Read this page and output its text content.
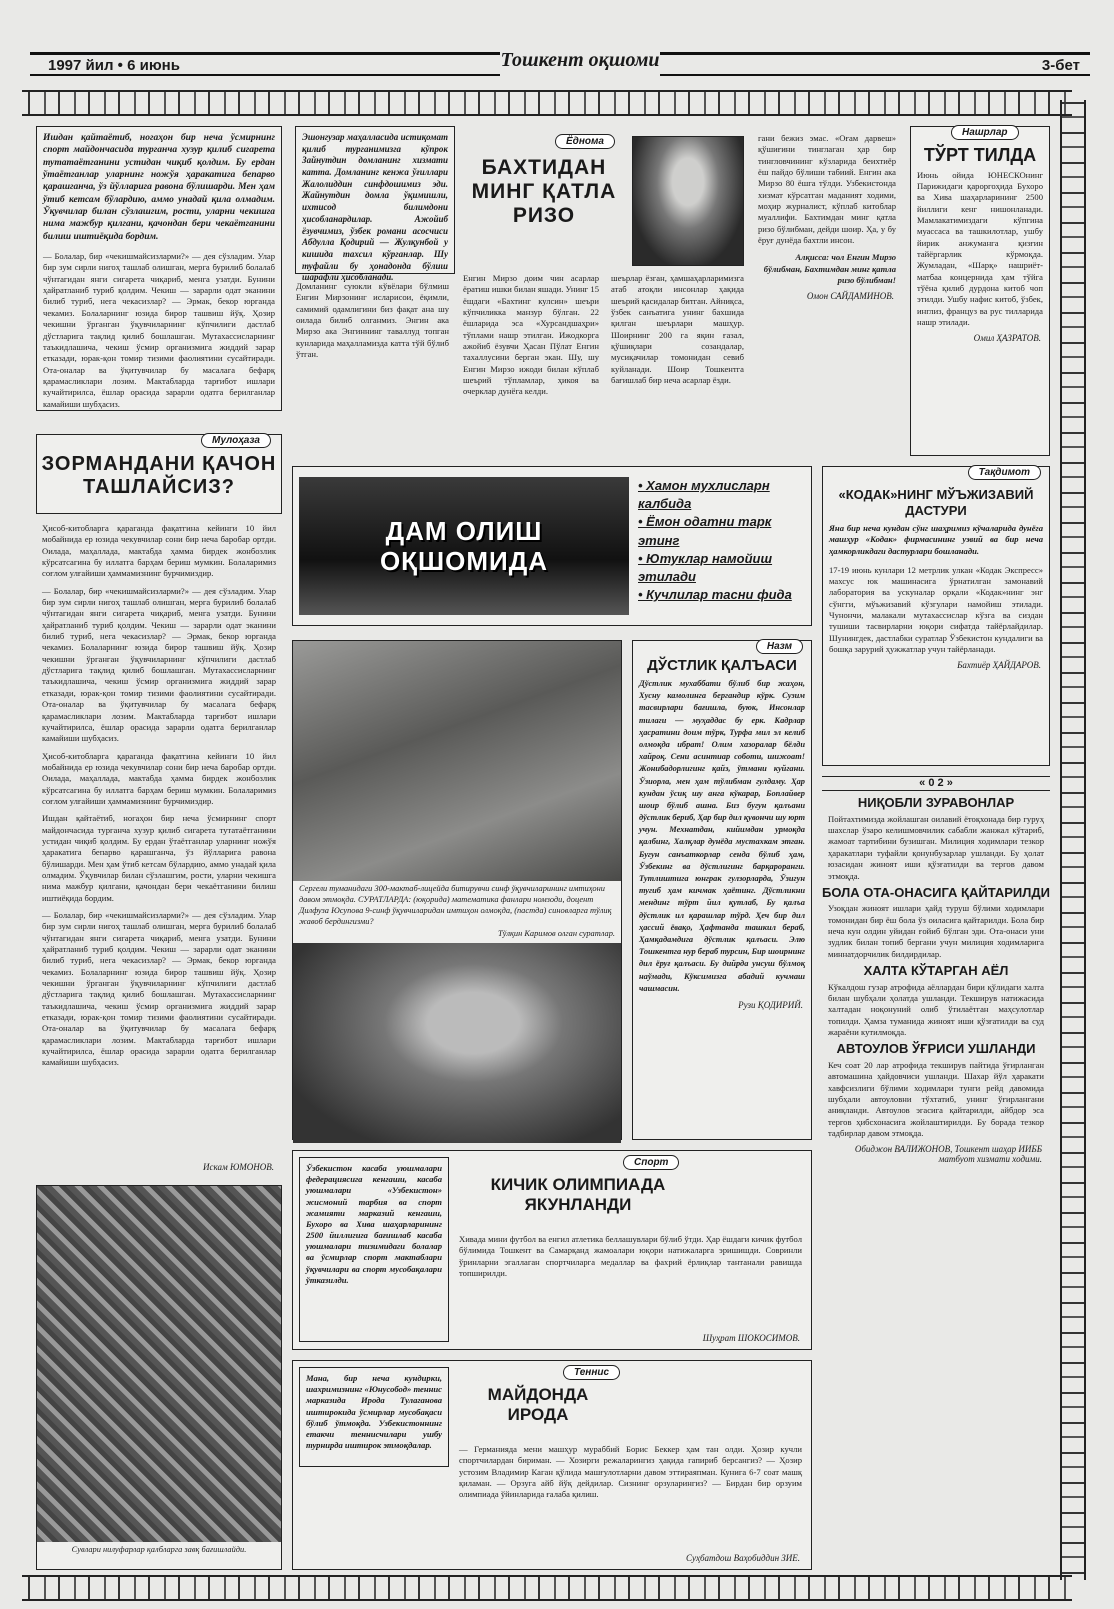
1997 йил • 6 июнь	Тошкент оқшоми	3-бет
Ишдан қайтаётиб, ногаҳон бир неча ўсмирнинг спорт майдончасида турганча хузур қилиб сигарета тутатаётганини устидан чиқиб қолдим. Бу ердан ўтаётганлар уларнинг ножўя ҳаракатига бепарво қарашганча, ўз йўлларига равона бўлишарди. Мен ҳам ўтиб кетсам бўлардию, аммо унадай қила олмадим. Ўқувчилар билан сўзлашгим, рости, уларни чекишга нима мажбур қилгани, қачондан бери чекаётганини билиш иштиёқида бордим.
— Болалар, бир «чекишмайсизларми?» — дея сўзладим. Улар бир зум сирли нигоҳ ташлаб олишган, мерга бурилиб болалаб чўнтагидан янги сигарета чиқариб, менга узатди. Бунини ҳайратланиб туриб қолдим. Чекиш — зарарли одат эканини билиб туриб, нега чекасизлар? — Эрмак, бекор юрганда чекамиз. Болаларнинг юзида бирор ташвиш йўқ. Ҳозир чекишни ўрганган ўқувчиларнинг кўпчилиги дастлаб дўстларига тақлид қилиб бошлашган. Мутахассисларнинг таъкидлашича, чекиш ўсмир организмига жиддий зарар етказади, юрак-қон томир тизими фаолиятини сусайтиради. Ота-оналар ва ўқитувчилар бу масалага бефарқ қарамасликлари лозим. Мактабларда тарғибот ишлари кучайтирилса, ёшлар орасида зарарли одатга берилганлар камайиши шубҳасиз.
Мулоҳаза
ЗОРМАНДАНИ ҚАЧОН ТАШЛАЙСИЗ?
Ҳисоб-китобларга қараганда фақатгина кейинги 10 йил мобайнида ер юзида чекувчилар сони бир неча баробар ортди. Оилада, маҳаллада, мактабда ҳамма бирдек жонбозлик кўрсатсагина бу иллатга барҳам бериш мумкин. Болаларимиз соғлом улғайиши ҳаммамизнинг бурчимиздир.
— Болалар, бир «чекишмайсизларми?» — дея сўзладим. Улар бир зум сирли нигоҳ ташлаб олишган, мерга бурилиб болалаб чўнтагидан янги сигарета чиқариб, менга узатди. Бунини ҳайратланиб туриб қолдим. Чекиш — зарарли одат эканини билиб туриб, нега чекасизлар? — Эрмак, бекор юрганда чекамиз. Болаларнинг юзида бирор ташвиш йўқ. Ҳозир чекишни ўрганган ўқувчиларнинг кўпчилиги дастлаб дўстларига тақлид қилиб бошлашган. Мутахассисларнинг таъкидлашича, чекиш ўсмир организмига жиддий зарар етказади, юрак-қон томир тизими фаолиятини сусайтиради. Ота-оналар ва ўқитувчилар бу масалага бефарқ қарамасликлари лозим. Мактабларда тарғибот ишлари кучайтирилса, ёшлар орасида зарарли одатга берилганлар камайиши шубҳасиз.
Ҳисоб-китобларга қараганда фақатгина кейинги 10 йил мобайнида ер юзида чекувчилар сони бир неча баробар ортди. Оилада, маҳаллада, мактабда ҳамма бирдек жонбозлик кўрсатсагина бу иллатга барҳам бериш мумкин. Болаларимиз соғлом улғайиши ҳаммамизнинг бурчимиздир.
Ишдан қайтаётиб, ногаҳон бир неча ўсмирнинг спорт майдончасида турганча хузур қилиб сигарета тутатаётганини устидан чиқиб қолдим. Бу ердан ўтаётганлар уларнинг ножўя ҳаракатига бепарво қарашганча, ўз йўлларига равона бўлишарди. Мен ҳам ўтиб кетсам бўлардию, аммо унадай қила олмадим. Ўқувчилар билан сўзлашгим, рости, уларни чекишга нима мажбур қилгани, қачондан бери чекаётганини билиш иштиёқида бордим.
— Болалар, бир «чекишмайсизларми?» — дея сўзладим. Улар бир зум сирли нигоҳ ташлаб олишган, мерга бурилиб болалаб чўнтагидан янги сигарета чиқариб, менга узатди. Бунини ҳайратланиб туриб қолдим. Чекиш — зарарли одат эканини билиб туриб, нега чекасизлар? — Эрмак, бекор юрганда чекамиз. Болаларнинг юзида бирор ташвиш йўқ. Ҳозир чекишни ўрганган ўқувчиларнинг кўпчилиги дастлаб дўстларига тақлид қилиб бошлашган. Мутахассисларнинг таъкидлашича, чекиш ўсмир организмига жиддий зарар етказади, юрак-қон томир тизими фаолиятини сусайтиради. Ота-оналар ва ўқитувчилар бу масалага бефарқ қарамасликлари лозим. Мактабларда тарғибот ишлари кучайтирилса, ёшлар орасида зарарли одатга берилганлар камайиши шубҳасиз.
Искам ЮМОНОВ.
Сувлари нилуфарлар қалбларга завқ бағишлайди.
Эшонгузар маҳалласида истиқомат қилиб турганимизга кўпрок Зайнутдин домланинг хизмати катта. Домланинг кенжа ўғиллари Жалолиддин синфдошимиз эди. Жайнутдин домла ўқимишли, ихтисод билимдони ҳисобланардилар. Ажойиб ёзувчимиз, ўзбек романи асосчиси Абдулла Қодирий — Жулқунбой у кишида тахсил кўрганлар. Шу туфайли бу ҳонадонда бўлиш шарафли ҳисобланади.
Домланинг суюкли кўвёлари бўлмиш Енгин Мирзонинг исларисои, ёқимли, самимий одамлигини биз фақат ана шу оилада билиб олганмиз. Энгин ака Мирзо ака Энгиннинг таваллуд топган кунларида маҳалламизда катта тўй бўлиб ўтган.
Ёдномa
БАХТИДАН МИНГ ҚАТЛА РИЗО
Енгин Мирзо доим чин асарлар ёратиш ишки билан яшади. Унинг 15 ёшдаги «Бахтинг кулсин» шеъри кўпчиликка манзур бўлган. 22 ёшларида эса «Хурсандшаҳри» тўплами нашр этилган. Ижодкорга ажойиб ёзувчи Ҳасан Пўлат Енгин тахаллусини берган экан. Шу, шу Енгин Мирзо ижоди билан кўплаб шеърий тўпламлар, ҳикоя ва очерклар дунёга келди.
шеърлар ёзган, ҳамшаҳарларимизга атаб атоқли инсонлар ҳақида шеърий қасидалар битган. Айниқса, ўзбек санъатига унинг бахшида қилган шеърлари машҳур. Шоирнинг 200 га яқин ғазал, қўшиқлари созандалар, мусиқачилар томонидан севиб куйланади. Шоир Тошкентга бағишлаб бир неча асарлар ёзди.
гани бежиз эмас. «Оғам дарвеш» қўшиғини тинглаган ҳар бир тингловчининг кўзларида беихтиёр ёш пайдо бўлиши табиий. Енгин ака Мирзо 80 ёшга тўлди. Узбекистонда хизмат кўрсатган маданият ходими, моҳир журналист, кўплаб китоблар муаллифи. Бахтимдан минг қатла ризо бўлибман, дейди шоир. Ҳа, у бу ёруғ дунёда бахтли инсон.
Алқисса: чол Енгин Мирзо бўлибман, Бахтимдан минг қатла ризо бўлибман!
Омон САЙДАМИНОВ.
Нашрлар
ТЎРТ ТИЛДА
Июнь ойида ЮНЕСКОнинг Парижидаги қароргоҳида Бухоро ва Хива шаҳарларининг 2500 йиллиги кенг нишонланади. Мамлакатимиздаги кўпгина муассаса ва ташкилотлар, ушбу йирик анжуманга қизғин тайёргарлик кўрмоқда. Жумладан, «Шарқ» нашриёт-матбаа концернида ҳам тўйга тўёна қилиб дурдона китоб чоп этилди. Ушбу нафис китоб, ўзбек, инглиз, француз ва рус тилларида нашр этилади.
Омил ҲАЗРАТОВ.
ДАМ ОЛИШ ОҚШОМИДА
• Хамон мухлисларн калбида
• Ёмон одатни тарк этинг
• Ютуклар намойиш этилади
• Кучлилар тасни фида
Тақдимот
«КОДАК»НИНГ МЎЪЖИЗАВИЙ ДАСТУРИ
Яна бир неча кундан сўнг шаҳримиз кўчаларида дунёга машҳур «Кодак» фирмасининг узвий ва бир неча ҳамкорликдаги дастурлари бошланади.
17-19 июнь кунлари 12 метрлик улкан «Кодак Экспресс» махсус юк машинасига ўрнатилган замонавий лаборатория ва ускуналар орқали «Кодак»нинг энг сўнгги, мўъжизавий кўзгулари намойиш этилади. Чунончи, малакали мутахассислар кўзга ва сиздан тушиши тасвирларни юқори сифатда тайёрлайдилар. Шунингдек, дастлабки суратлар Ўзбекистон кундалиги ва бошқа зарурий ҳужжатлар учун тайёрланади.
Бахтиёр ҲАЙДАРОВ.
Сергели туманидаги 300-мактаб-лицейда битирувчи синф ўқувчиларининг имтиҳони давом этмоқда. СУРАТЛАРДА: (юқорида) математика фанлари номзоди, доцент Дилфуза Юсупова 9-синф ўқувчиларидан имтиҳон олмоқда, (пастда) синовларга тўлиқ жавоб бердингизми?
Тўлқин Каримов олган суратлар.
Назм
ДЎСТЛИК ҚАЛЪАСИ
Дўстлик мухаббати бўлиб бир жаҳон, Хусну камолинга бергандир кўрк. Сузим тасвирлари бағишла, буюк, Инсонлар тилаги — муҳаддас бу ерк. Кадрлар ҳасратини доим тўрк, Турфа мил эл келиб олмоқда ибрат! Олим хазоралар бёлди хайроқ. Сени асинтиар соботи, шижоат! Жонибадорлигинг қайз, ўтмани куйгани. Ўзиорла, мен ҳам тўлибман гулдаму. Ҳар кундан ўсиқ шу анга кўкарар, Боплайвер шоир бўлиб ашна. Биз бугун қалъани дўстлик бериб, Ҳар бир дил қувончи шу юрт учун. Мехнатдан, кийимдан урмоқда қалбинг, Халқлар дунёда мустахкам этган. Бугун санъаткорлар сенда бўлиб ҳам, Ўзбекинг ва дўстлигинг барқароранги. Тутлиштига юнграк гулзорларда, Ўзигун тугиб ҳам кичмак ҳаётинг. Дўстликни мендинг тўрт йил қутлаб, Бу қалъа дўстлик ил қарашлар тўрд. Ҳеч бир дил ҳассий ёвақо, Ҳафтанда ташкил бераб, Ҳамқадамдига дўстлик қалъаси. Элю Тошкентга нур бераб турсин, Бир шоирнинг дил ёруғ қалъаси. Бу дийрда унсуш бўлмоқ наўмади, Кўксимизга абадий кучмаш чашмасин.
Рузи ҚОДИРИЙ.
« 0 2 »
НИҚОБЛИ ЗУРАВОНЛАР
Пойтахтимизда жойлашган оилавий ётоқхонада бир гуруҳ шахслар ўзаро келишмовчилик сабабли жанжал кўтариб, жамоат тартибини бузишган. Милиция ходимлари тезкор ҳаракатлари туфайли қонунбузарлар ушланди. Бу ҳолат юзасидан жиноят иши қўзғатилди ва тергов давом этмоқда.
БОЛА ОТА-ОНАСИГА ҚАЙТАРИЛДИ
Узоқдан жиноят ишлари ҳайд туруш бўлими ходимлари томонидан бир ёш бола ўз оиласига қайтарилди. Бола бир неча кун олдин уйидан ғойиб бўлган эди. Ота-онаси уни зудлик билан топиб бергани учун милиция ходимларига миннатдорчилик билдирдилар.
ХАЛТА КЎТАРГАН АЁЛ
Кўкалдош гузар атрофида аёллардан бири қўлидаги халта билан шубҳали ҳолатда ушланди. Текширув натижасида халтадан ноқонуний олиб ўтилаётган маҳсулотлар топилди. Ҳамза туманида жиноят иши қўзғатилди ва суд жараёни кутилмоқда.
АВТОУЛОВ ЎҒРИСИ УШЛАНДИ
Кеч соат 20 лар атрофида текширув пайтида ўғирланган автомашина ҳайдовчиси ушланди. Шахар йўл ҳаракати хавфсизлиги бўлими ходимлари тунги рейд давомида шубҳали автоуловни тўхтатиб, унинг ўғирлангани аниқланди. Автоулов эгасига қайтарилди, айбдор эса тергов ҳибсхонасига жойлаштирилди. Бу борада тезкор тадбирлар давом этмоқда.
Обиджон ВАЛИЖОНОВ, Тошкент шаҳар ИИББ матбуот хизмати ходими.
Ўзбекистон касаба уюшмалари федерациясига кенгаши, касаба уюшмалари «Узбекистон» жисмоний тарбия ва спорт жамияти марказий кенгаши, Бухоро ва Хива шаҳарларининг 2500 йиллигига бағишлаб касаба уюшмалари тизимидаги болалар ва ўсмирлар спорт мактаблари ўқувчилари ва спорт мусобақалари ўтказилди.
Спорт
КИЧИК ОЛИМПИАДА ЯКУНЛАНДИ
Хивада мини футбол ва енгил атлетика беллашувлари бўлиб ўтди. Ҳар ёшдаги кичик футбол бўлимида Тошкент ва Самарқанд жамоалари юқори натижаларга эришишди. Совринли ўринларни эгаллаган спортчиларга медаллар ва фахрий ёрлиқлар тантанали равишда топширилди.
Шуҳрат ШОКОСИМОВ.
Мана, бир неча кундирки, шахримизнинг «Юнусобод» теннис марказида Ирода Тулаганова иштирокида ўсмирлар мусобақаси бўлиб ўтмоқда. Узбекистоннинг етакчи теннисчилари ушбу турнирда иштирок этмоқдалар.
Теннис
МАЙДОНДА ИРОДА
— Германияда мени машҳур мураббий Борис Беккер ҳам тан олди. Ҳозир кучли спортчилардан бириман. — Хозирги режаларингиз ҳақида гапириб берсангиз? — Ҳозир устозим Владимир Каган қўлида машғулотларни давом эттираяпман. Кунига 6-7 соат машқ қиламан. — Орзуга айб йўқ дейдилар. Сизнинг орзуларингиз? — Бирдан бир орзуим олимпиада ўйинларида ғалаба қилиш.
Суҳбатдош Ваҳобиддин ЗИЕ.
